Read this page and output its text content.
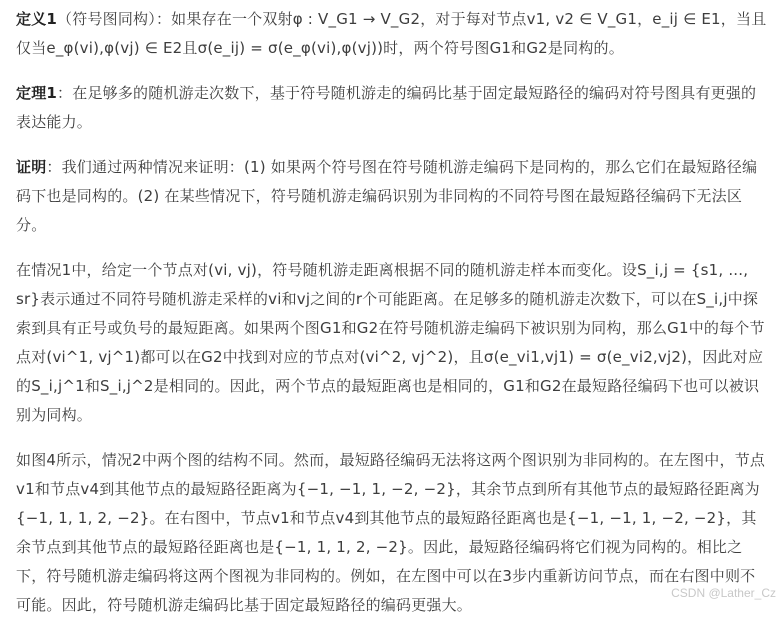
定义1（符号图同构）：如果存在一个双射φ : V_G1 → V_G2，对于每对节点v1, v2 ∈ V_G1，e_ij ∈ E1，当且仅当e_φ(vi),φ(vj) ∈ E2且σ(e_ij) = σ(e_φ(vi),φ(vj))时，两个符号图G1和G2是同构的。

定理1：在足够多的随机游走次数下，基于符号随机游走的编码比基于固定最短路径的编码对符号图具有更强的表达能力。

证明：我们通过两种情况来证明：(1) 如果两个符号图在符号随机游走编码下是同构的，那么它们在最短路径编码下也是同构的。(2) 在某些情况下，符号随机游走编码识别为非同构的不同符号图在最短路径编码下无法区分。

在情况1中，给定一个节点对(vi, vj)，符号随机游走距离根据不同的随机游走样本而变化。设S_i,j = {s1, ..., sr}表示通过不同符号随机游走采样的vi和vj之间的r个可能距离。在足够多的随机游走次数下，可以在S_i,j中探索到具有正号或负号的最短距离。如果两个图G1和G2在符号随机游走编码下被识别为同构，那么G1中的每个节点对(vi^1, vj^1)都可以在G2中找到对应的节点对(vi^2, vj^2)，且σ(e_vi1,vj1) = σ(e_vi2,vj2)，因此对应的S_i,j^1和S_i,j^2是相同的。因此，两个节点的最短距离也是相同的，G1和G2在最短路径编码下也可以被识别为同构。

如图4所示，情况2中两个图的结构不同。然而，最短路径编码无法将这两个图识别为非同构的。在左图中，节点v1和节点v4到其他节点的最短路径距离为{−1, −1, 1, −2, −2}，其余节点到所有其他节点的最短路径距离为{−1, 1, 1, 2, −2}。在右图中，节点v1和节点v4到其他节点的最短路径距离也是{−1, −1, 1, −2, −2}，其余节点到其他节点的最短路径距离也是{−1, 1, 1, 2, −2}。因此，最短路径编码将它们视为同构的。相比之下，符号随机游走编码将这两个图视为非同构的。例如，在左图中可以在3步内重新访问节点，而在右图中则不可能。因此，符号随机游走编码比基于固定最短路径的编码更强大。

CSDN @Lather_Cz
